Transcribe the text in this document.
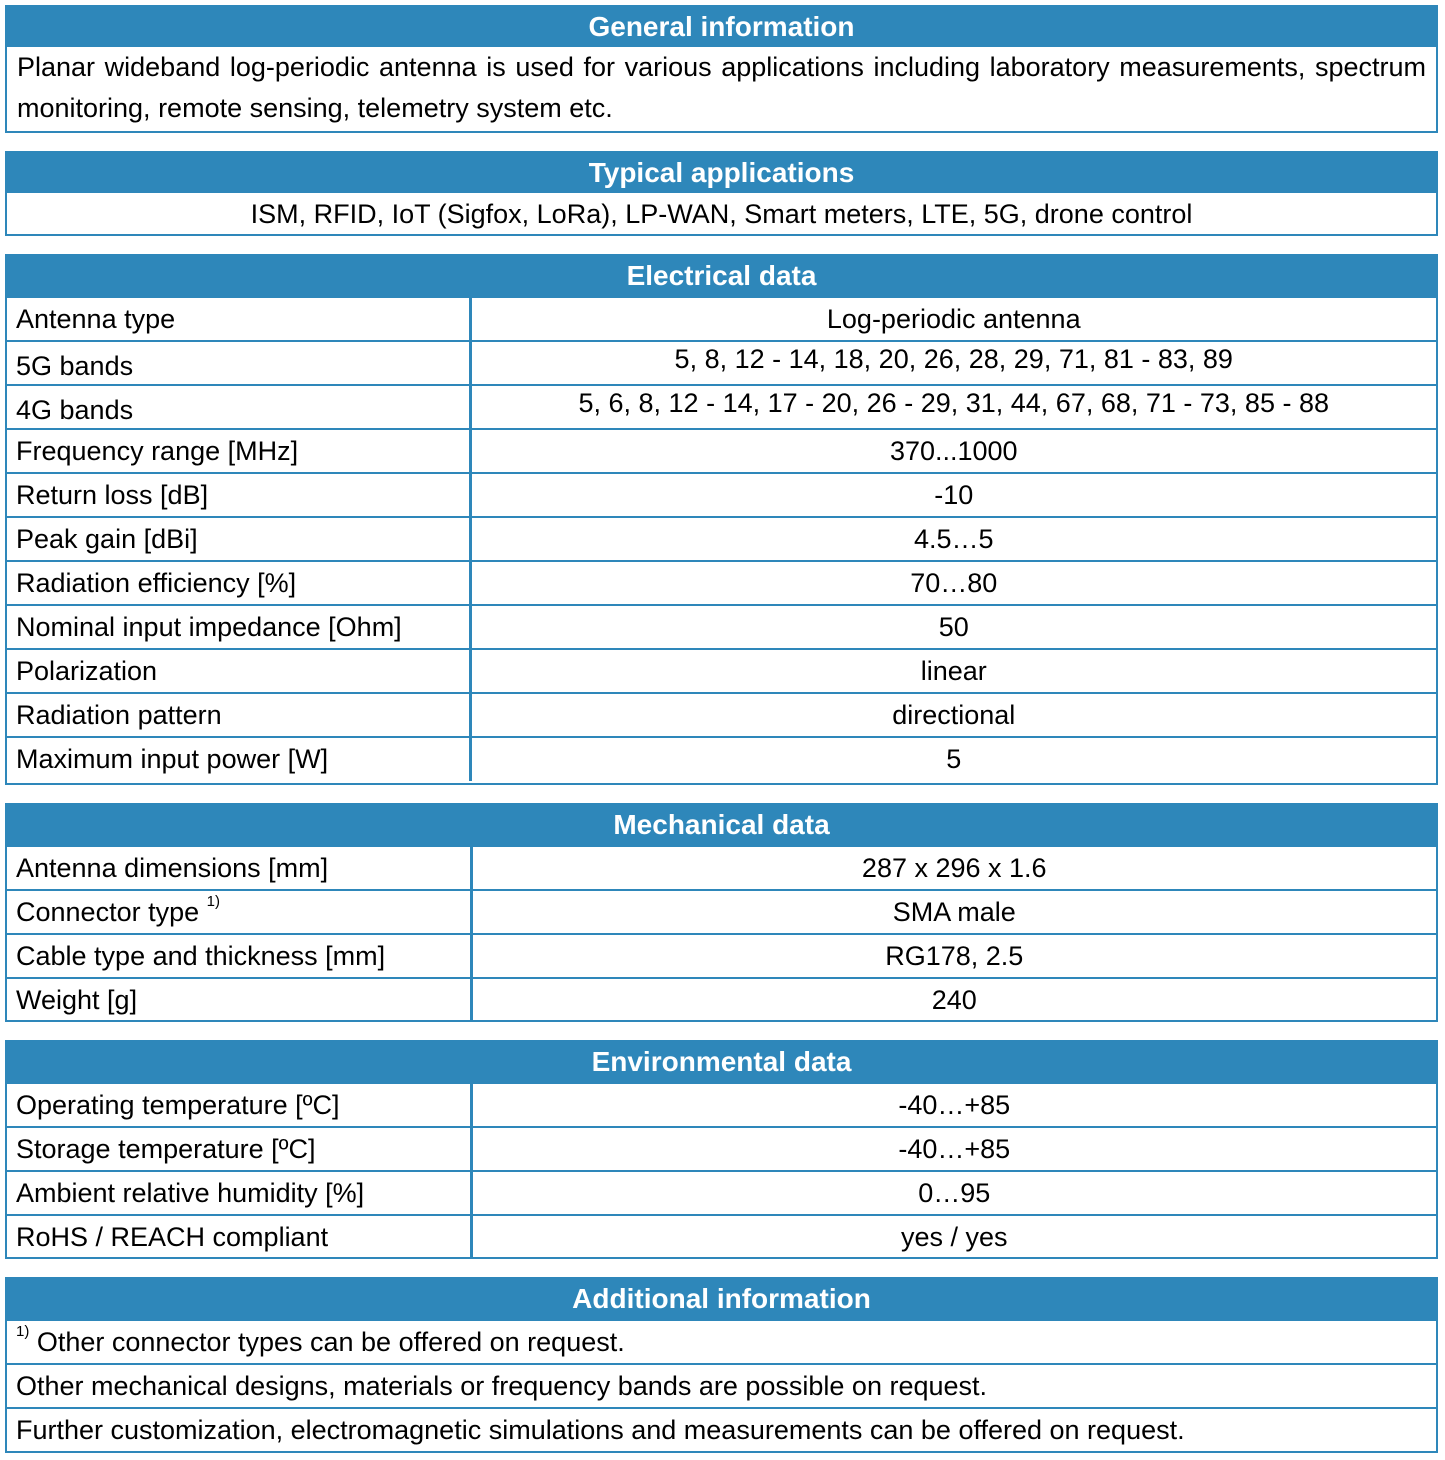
General information
Planar wideband log-periodic antenna is used for various applications including laboratory measurements, spectrum monitoring, remote sensing, telemetry system etc.
Typical applications
ISM, RFID, IoT (Sigfox, LoRa), LP-WAN, Smart meters, LTE, 5G, drone control
Electrical data
Antenna type	Log-periodic antenna
5G bands	5, 8, 12 - 14, 18, 20, 26, 28, 29, 71, 81 - 83, 89
4G bands	5, 6, 8, 12 - 14, 17 - 20, 26 - 29, 31, 44, 67, 68, 71 - 73, 85 - 88
Frequency range [MHz]	370...1000
Return loss [dB]	-10
Peak gain [dBi]	4.5…5
Radiation efficiency [%]	70…80
Nominal input impedance [Ohm]	50
Polarization	linear
Radiation pattern	directional
Maximum input power [W]	5
Mechanical data
Antenna dimensions [mm]	287 x 296 x 1.6
Connector type $^{1)}$	SMA male
Cable type and thickness [mm]	RG178, 2.5
Weight [g]	240
Environmental data
Operating temperature [ºC]	-40…+85
Storage temperature [ºC]	-40…+85
Ambient relative humidity [%]	0…95
RoHS / REACH compliant	yes / yes
Additional information
$^{1)}$ Other connector types can be offered on request.
Other mechanical designs, materials or frequency bands are possible on request.
Further customization, electromagnetic simulations and measurements can be offered on request.
